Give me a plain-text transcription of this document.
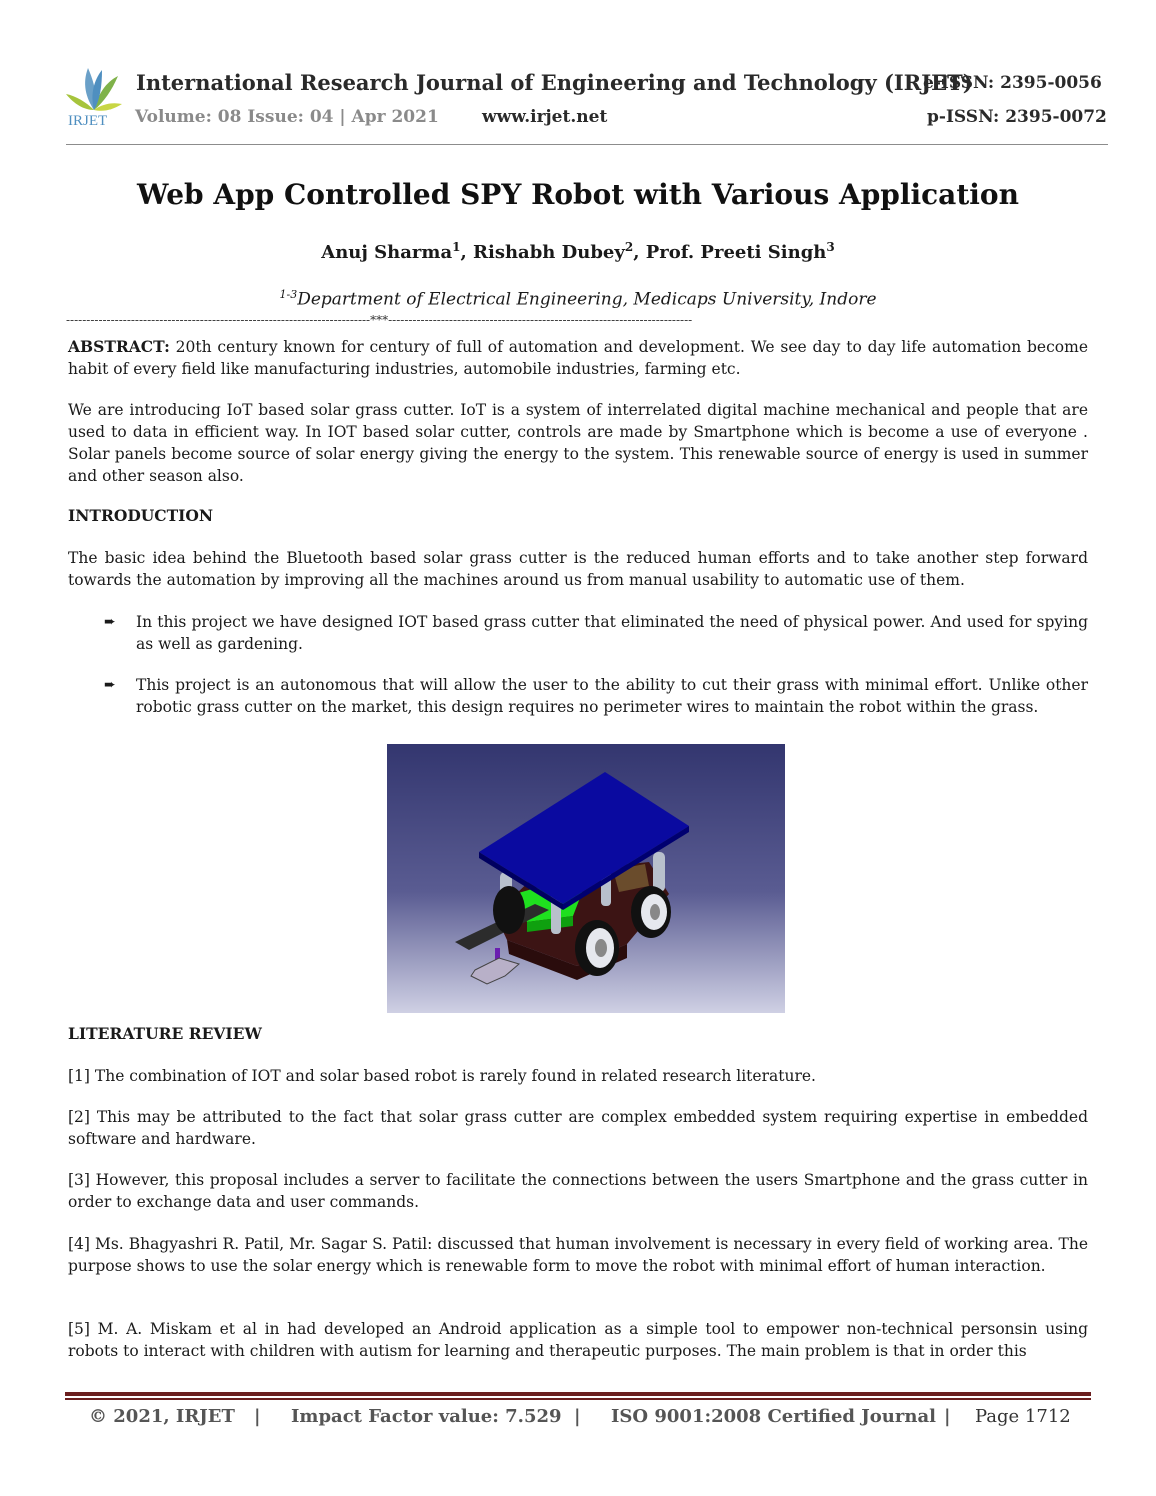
IRJET
International Research Journal of Engineering and Technology (IRJET)
e-ISSN: 2395-0056
Volume: 08 Issue: 04 | Apr 2021	www.irjet.net	p-ISSN: 2395-0072
Web App Controlled SPY Robot with Various Application
Anuj Sharma$^1$, Rishabh Dubey$^2$, Prof. Preeti Singh$^3$
$^{1-3}$Department of Electrical Engineering, Medicaps University, Indore
---------------------------------------------------------------------------***---------------------------------------------------------------------------
ABSTRACT: 20th century known for century of full of automation and development. We see day to day life automation become habit of every field like manufacturing industries, automobile industries, farming etc.
We are introducing IoT based solar grass cutter. IoT is a system of interrelated digital machine mechanical and people that are used to data in efficient way. In IOT based solar cutter, controls are made by Smartphone which is become a use of everyone . Solar panels become source of solar energy giving the energy to the system. This renewable source of energy is used in summer and other season also.
INTRODUCTION
The basic idea behind the Bluetooth based solar grass cutter is the reduced human efforts and to take another step forward towards the automation by improving all the machines around us from manual usability to automatic use of them.
➨ In this project we have designed IOT based grass cutter that eliminated the need of physical power. And used for spying as well as gardening.
➨ This project is an autonomous that will allow the user to the ability to cut their grass with minimal effort. Unlike other robotic grass cutter on the market, this design requires no perimeter wires to maintain the robot within the grass.
LITERATURE REVIEW
[1] The combination of IOT and solar based robot is rarely found in related research literature.
[2] This may be attributed to the fact that solar grass cutter are complex embedded system requiring expertise in embedded software and hardware.
[3] However, this proposal includes a server to facilitate the connections between the users Smartphone and the grass cutter in order to exchange data and user commands.
[4] Ms. Bhagyashri R. Patil, Mr. Sagar S. Patil: discussed that human involvement is necessary in every field of working area. The purpose shows to use the solar energy which is renewable form to move the robot with minimal effort of human interaction.
[5] M. A. Miskam et al in had developed an Android application as a simple tool to empower non-technical personsin using robots to interact with children with autism for learning and therapeutic purposes. The main problem is that in order this
© 2021, IRJET | Impact Factor value: 7.529 | ISO 9001:2008 Certified Journal | Page 1712
